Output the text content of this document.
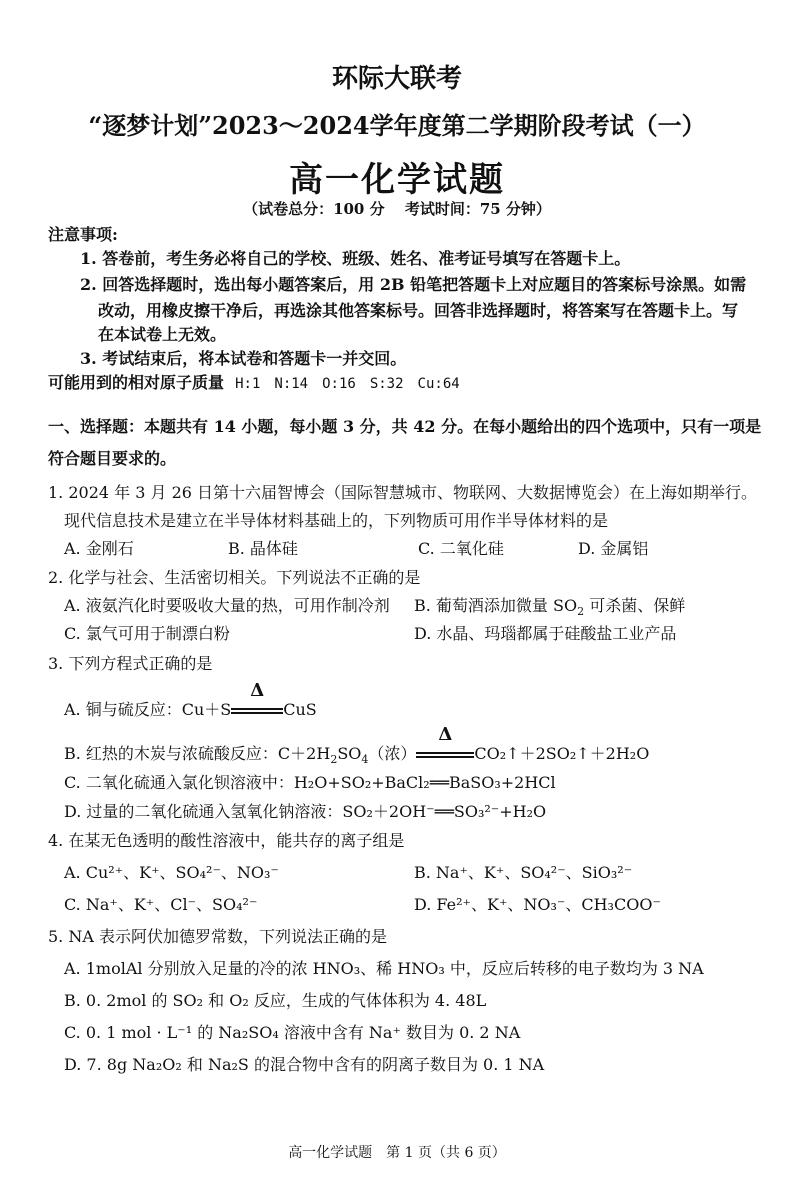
环际大联考
“逐梦计划”2023～2024学年度第二学期阶段考试（一）
高一化学试题
（试卷总分：100 分　 考试时间：75 分钟）
注意事项:
1. 答卷前，考生务必将自己的学校、班级、姓名、准考证号填写在答题卡上。
2. 回答选择题时，选出每小题答案后，用 2B 铅笔把答题卡上对应题目的答案标号涂黑。如需
改动，用橡皮擦干净后，再选涂其他答案标号。回答非选择题时，将答案写在答题卡上。写
在本试卷上无效。
3. 考试结束后，将本试卷和答题卡一并交回。
可能用到的相对原子质量 H:1　N:14　O:16　S:32　Cu:64
一、选择题：本题共有 14 小题，每小题 3 分，共 42 分。在每小题给出的四个选项中，只有一项是
符合题目要求的。
1. 2024 年 3 月 26 日第十六届智博会（国际智慧城市、物联网、大数据博览会）在上海如期举行。
现代信息技术是建立在半导体材料基础上的，下列物质可用作半导体材料的是
A. 金刚石	B. 晶体硅	C. 二氧化硅	D. 金属铝
2. 化学与社会、生活密切相关。下列说法不正确的是
A. 液氨汽化时要吸收大量的热，可用作制冷剂 B. 葡萄酒添加微量 $SO_2$ 可杀菌、保鲜
C. 氯气可用于制漂白粉	D. 水晶、玛瑙都属于硅酸盐工业产品
3. 下列方程式正确的是
A. 铜与硫反应：Cu＋S
Δ
CuS
B. 红热的木炭与浓硫酸反应：$C+2H_2SO_4$（浓）
Δ
CO₂↑＋2SO₂↑＋2H₂O
C. 二氧化硫通入氯化钡溶液中：H₂O+SO₂+BaCl₂══BaSO₃+2HCl
D. 过量的二氧化硫通入氢氧化钠溶液：SO₂＋2OH⁻══SO₃²⁻+H₂O
4. 在某无色透明的酸性溶液中，能共存的离子组是
A. Cu²⁺、K⁺、SO₄²⁻、NO₃⁻	B. Na⁺、K⁺、SO₄²⁻、SiO₃²⁻
C. Na⁺、K⁺、Cl⁻、SO₄²⁻	D. Fe²⁺、K⁺、NO₃⁻、CH₃COO⁻
5. NA 表示阿伏加德罗常数，下列说法正确的是
A. 1molAl 分别放入足量的冷的浓 HNO₃、稀 HNO₃ 中，反应后转移的电子数均为 3 NA
B. 0. 2mol 的 SO₂ 和 O₂ 反应，生成的气体体积为 4. 48L
C. 0. 1 mol · L⁻¹ 的 Na₂SO₄ 溶液中含有 Na⁺ 数目为 0. 2 NA
D. 7. 8g Na₂O₂ 和 Na₂S 的混合物中含有的阴离子数目为 0. 1 NA
高一化学试题　第 1 页（共 6 页）
